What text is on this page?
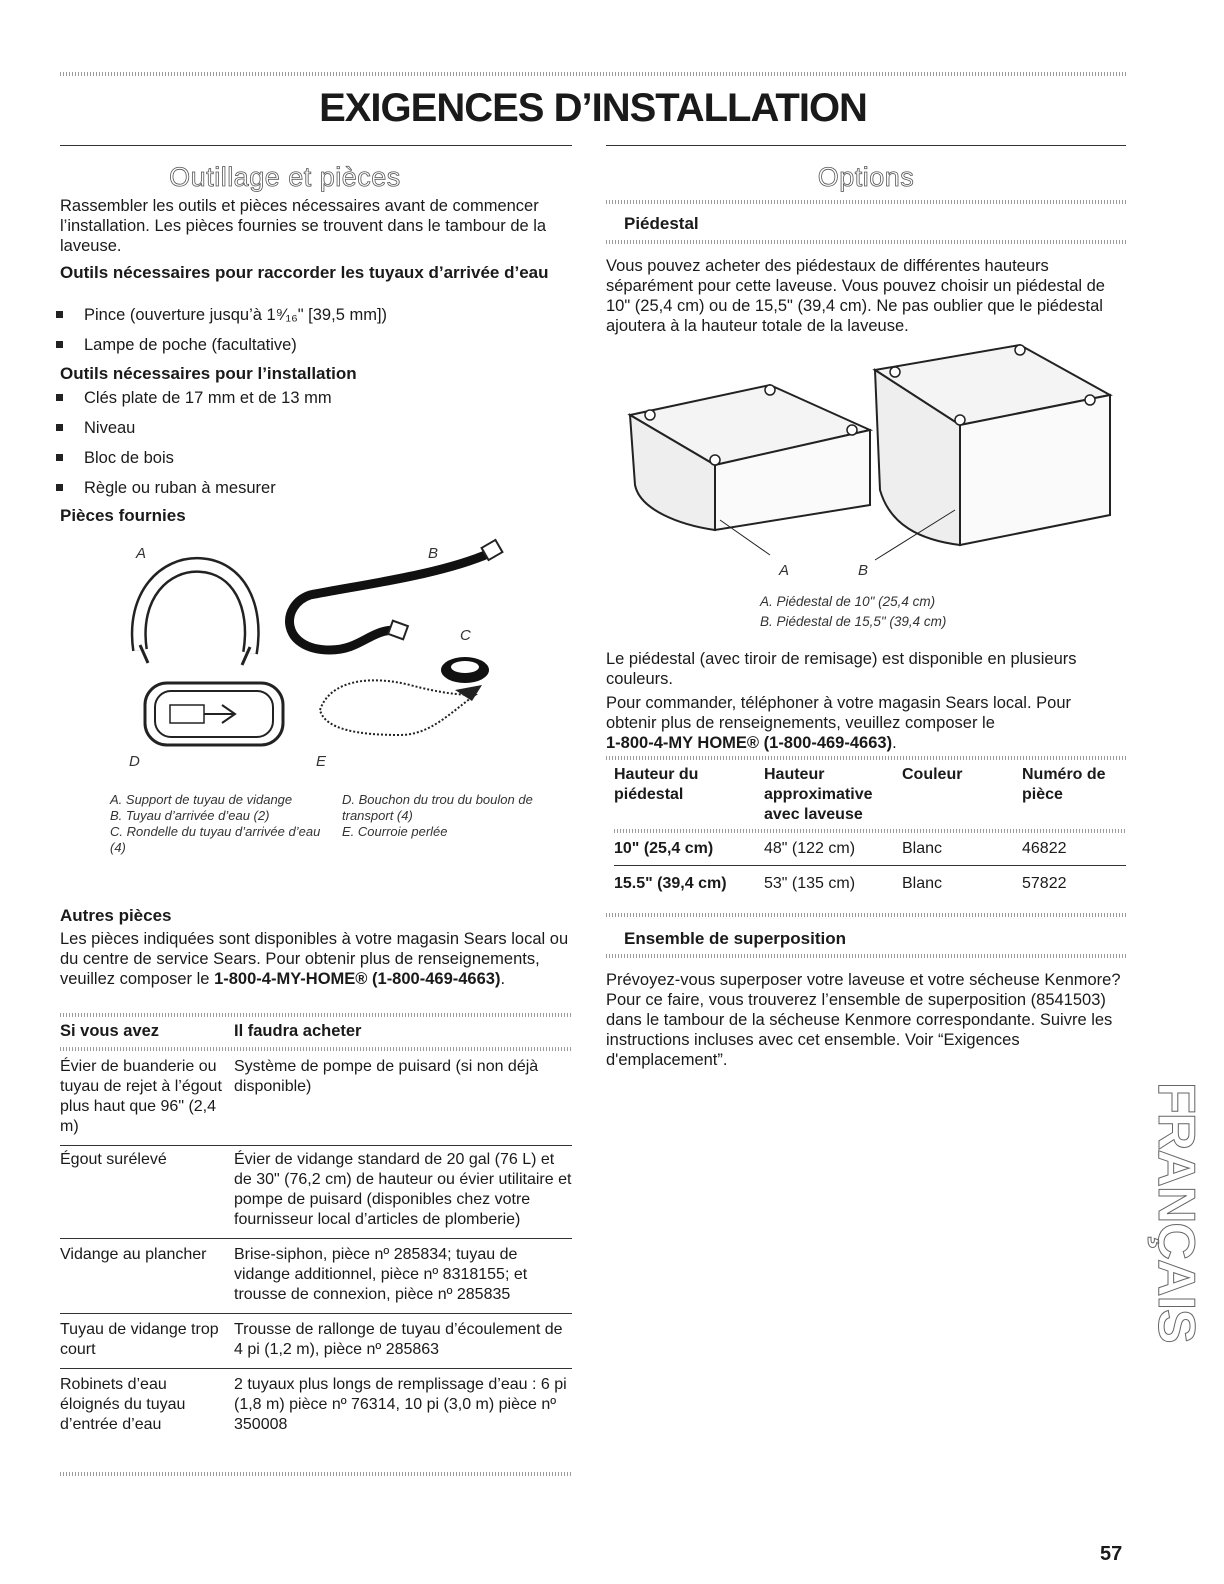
EXIGENCES D’INSTALLATION
Outillage et pièces

Rassembler les outils et pièces nécessaires avant de commencer l’installation. Les pièces fournies se trouvent dans le tambour de la laveuse.

Outils nécessaires pour raccorder les tuyaux d’arrivée d’eau

Pince (ouverture jusqu’à 1⁹⁄₁₆" [39,5 mm])
Lampe de poche (facultative)

Outils nécessaires pour l’installation

Clés plate de 17 mm et de 13 mm
Niveau
Bloc de bois
Règle ou ruban à mesurer

Pièces fournies

A	B
C
D	E
A. Support de tuyau de vidange
B. Tuyau d’arrivée d’eau (2)
C. Rondelle du tuyau d’arrivée d’eau (4)
D. Bouchon du trou du boulon de transport (4)
E. Courroie perlée

Autres pièces

Les pièces indiquées sont disponibles à votre magasin Sears local ou du centre de service Sears. Pour obtenir plus de renseignements, veuillez composer le 1-800-4-MY-HOME® (1-800-469-4663).

Si vous avez	Il faudra acheter

Évier de buanderie ou tuyau de rejet à l’égout plus haut que 96" (2,4 m)	Système de pompe de puisard (si non déjà disponible)
Égout surélevé	Évier de vidange standard de 20 gal (76 L) et de 30" (76,2 cm) de hauteur ou évier utilitaire et pompe de puisard (disponibles chez votre fournisseur local d’articles de plomberie)
Vidange au plancher	Brise-siphon, pièce nº 285834; tuyau de vidange additionnel, pièce nº 8318155; et trousse de connexion, pièce nº 285835
Tuyau de vidange trop court	Trousse de rallonge de tuyau d’écoulement de 4 pi (1,2 m), pièce nº 285863
Robinets d’eau éloignés du tuyau d’entrée d’eau	2 tuyaux plus longs de remplissage d’eau : 6 pi (1,8 m) pièce nº 76314, 10 pi (3,0 m) pièce nº 350008
Options

Piédestal

Vous pouvez acheter des piédestaux de différentes hauteurs séparément pour cette laveuse. Vous pouvez choisir un piédestal de 10" (25,4 cm) ou de 15,5" (39,4 cm). Ne pas oublier que le piédestal ajoutera à la hauteur totale de la laveuse.

A	B
A. Piédestal de 10" (25,4 cm)
B. Piédestal de 15,5" (39,4 cm)

Le piédestal (avec tiroir de remisage) est disponible en plusieurs couleurs.

Pour commander, téléphoner à votre magasin Sears local. Pour obtenir plus de renseignements, veuillez composer le
1-800-4-MY HOME® (1-800-469-4663).

Hauteur du piédestal	Hauteur approximative avec laveuse	Couleur	Numéro de pièce

10" (25,4 cm)	48" (122 cm)	Blanc	46822
15.5" (39,4 cm)	53" (135 cm)	Blanc	57822

Ensemble de superposition

Prévoyez-vous superposer votre laveuse et votre sécheuse Kenmore? Pour ce faire, vous trouverez l’ensemble de superposition (8541503) dans le tambour de la sécheuse Kenmore correspondante. Suivre les instructions incluses avec cet ensemble. Voir “Exigences d'emplacement”.

FRANÇAIS
57
